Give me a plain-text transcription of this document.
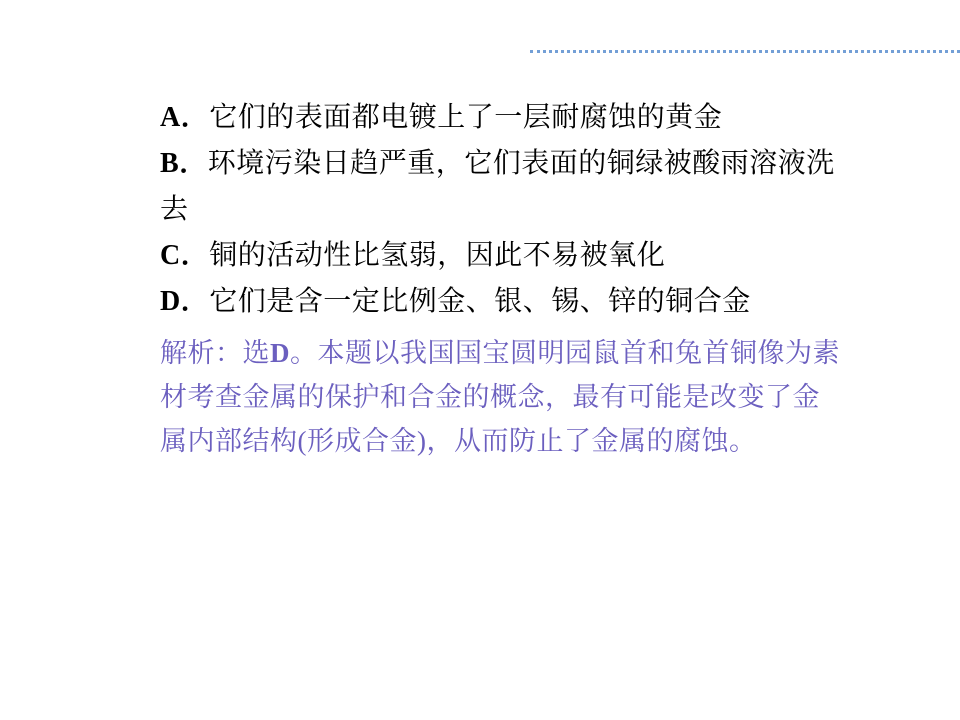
A．它们的表面都电镀上了一层耐腐蚀的黄金
B．环境污染日趋严重，它们表面的铜绿被酸雨溶液洗去
C．铜的活动性比氢弱，因此不易被氧化
D．它们是含一定比例金、银、锡、锌的铜合金
解析：选D。本题以我国国宝圆明园鼠首和兔首铜像为素材考查金属的保护和合金的概念，最有可能是改变了金属内部结构(形成合金)，从而防止了金属的腐蚀。
